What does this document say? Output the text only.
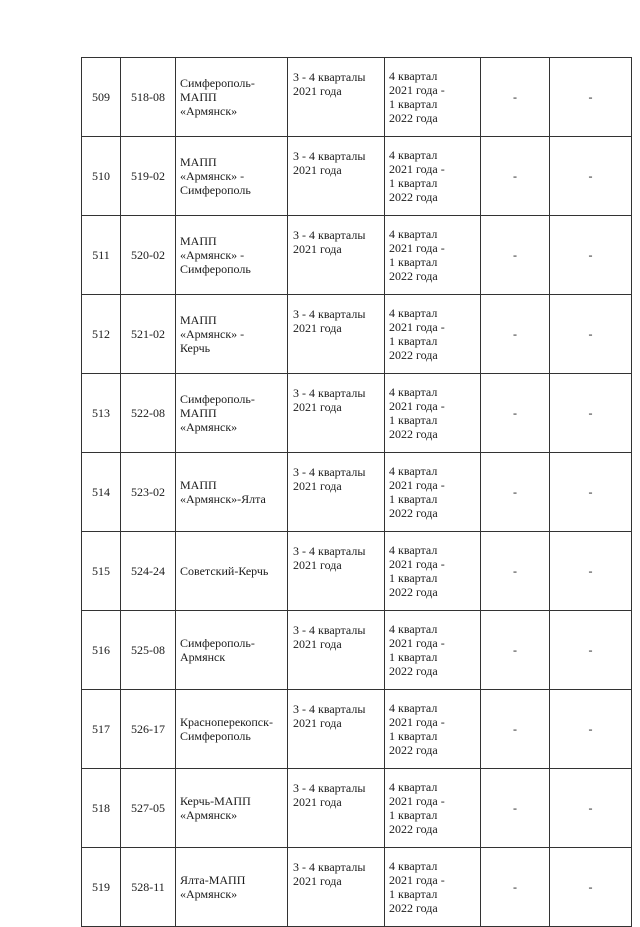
509	518-08	Симферополь-
МАПП
«Армянск»	3 - 4 кварталы
2021 года	4 квартал
2021 года -
1 квартал
2022 года	-	-
510	519-02	МАПП
«Армянск» -
Симферополь	3 - 4 кварталы
2021 года	4 квартал
2021 года -
1 квартал
2022 года	-	-
511	520-02	МАПП
«Армянск» -
Симферополь	3 - 4 кварталы
2021 года	4 квартал
2021 года -
1 квартал
2022 года	-	-
512	521-02	МАПП
«Армянск» -
Керчь	3 - 4 кварталы
2021 года	4 квартал
2021 года -
1 квартал
2022 года	-	-
513	522-08	Симферополь-
МАПП
«Армянск»	3 - 4 кварталы
2021 года	4 квартал
2021 года -
1 квартал
2022 года	-	-
514	523-02	МАПП
«Армянск»-Ялта	3 - 4 кварталы
2021 года	4 квартал
2021 года -
1 квартал
2022 года	-	-
515	524-24	Советский-Керчь	3 - 4 кварталы
2021 года	4 квартал
2021 года -
1 квартал
2022 года	-	-
516	525-08	Симферополь-
Армянск	3 - 4 кварталы
2021 года	4 квартал
2021 года -
1 квартал
2022 года	-	-
517	526-17	Красноперекопск-
Симферополь	3 - 4 кварталы
2021 года	4 квартал
2021 года -
1 квартал
2022 года	-	-
518	527-05	Керчь-МАПП
«Армянск»	3 - 4 кварталы
2021 года	4 квартал
2021 года -
1 квартал
2022 года	-	-
519	528-11	Ялта-МАПП
«Армянск»	3 - 4 кварталы
2021 года	4 квартал
2021 года -
1 квартал
2022 года	-	-
